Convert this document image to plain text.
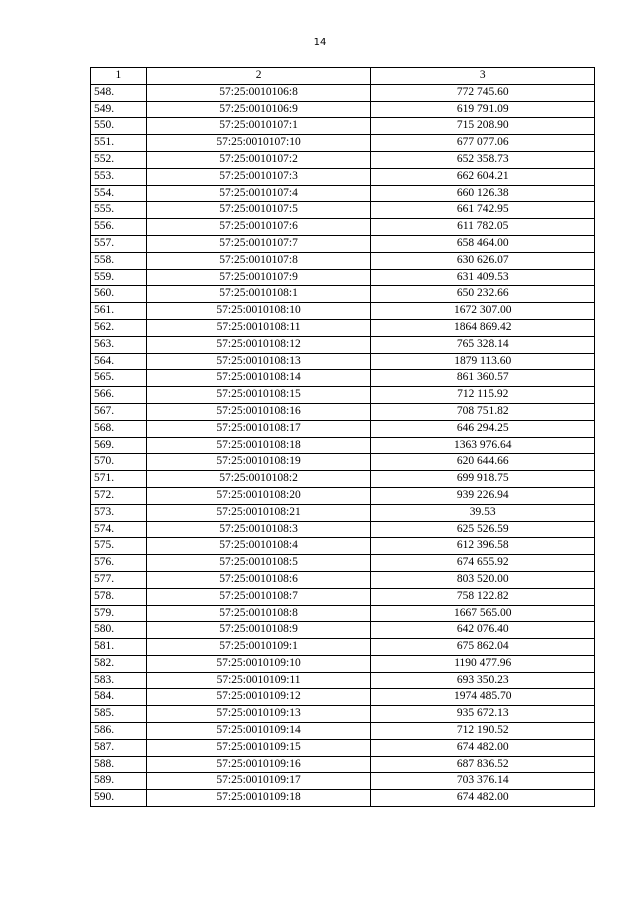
14
1	2	3
548.	57:25:0010106:8	772 745.60
549.	57:25:0010106:9	619 791.09
550.	57:25:0010107:1	715 208.90
551.	57:25:0010107:10	677 077.06
552.	57:25:0010107:2	652 358.73
553.	57:25:0010107:3	662 604.21
554.	57:25:0010107:4	660 126.38
555.	57:25:0010107:5	661 742.95
556.	57:25:0010107:6	611 782.05
557.	57:25:0010107:7	658 464.00
558.	57:25:0010107:8	630 626.07
559.	57:25:0010107:9	631 409.53
560.	57:25:0010108:1	650 232.66
561.	57:25:0010108:10	1672 307.00
562.	57:25:0010108:11	1864 869.42
563.	57:25:0010108:12	765 328.14
564.	57:25:0010108:13	1879 113.60
565.	57:25:0010108:14	861 360.57
566.	57:25:0010108:15	712 115.92
567.	57:25:0010108:16	708 751.82
568.	57:25:0010108:17	646 294.25
569.	57:25:0010108:18	1363 976.64
570.	57:25:0010108:19	620 644.66
571.	57:25:0010108:2	699 918.75
572.	57:25:0010108:20	939 226.94
573.	57:25:0010108:21	39.53
574.	57:25:0010108:3	625 526.59
575.	57:25:0010108:4	612 396.58
576.	57:25:0010108:5	674 655.92
577.	57:25:0010108:6	803 520.00
578.	57:25:0010108:7	758 122.82
579.	57:25:0010108:8	1667 565.00
580.	57:25:0010108:9	642 076.40
581.	57:25:0010109:1	675 862.04
582.	57:25:0010109:10	1190 477.96
583.	57:25:0010109:11	693 350.23
584.	57:25:0010109:12	1974 485.70
585.	57:25:0010109:13	935 672.13
586.	57:25:0010109:14	712 190.52
587.	57:25:0010109:15	674 482.00
588.	57:25:0010109:16	687 836.52
589.	57:25:0010109:17	703 376.14
590.	57:25:0010109:18	674 482.00
